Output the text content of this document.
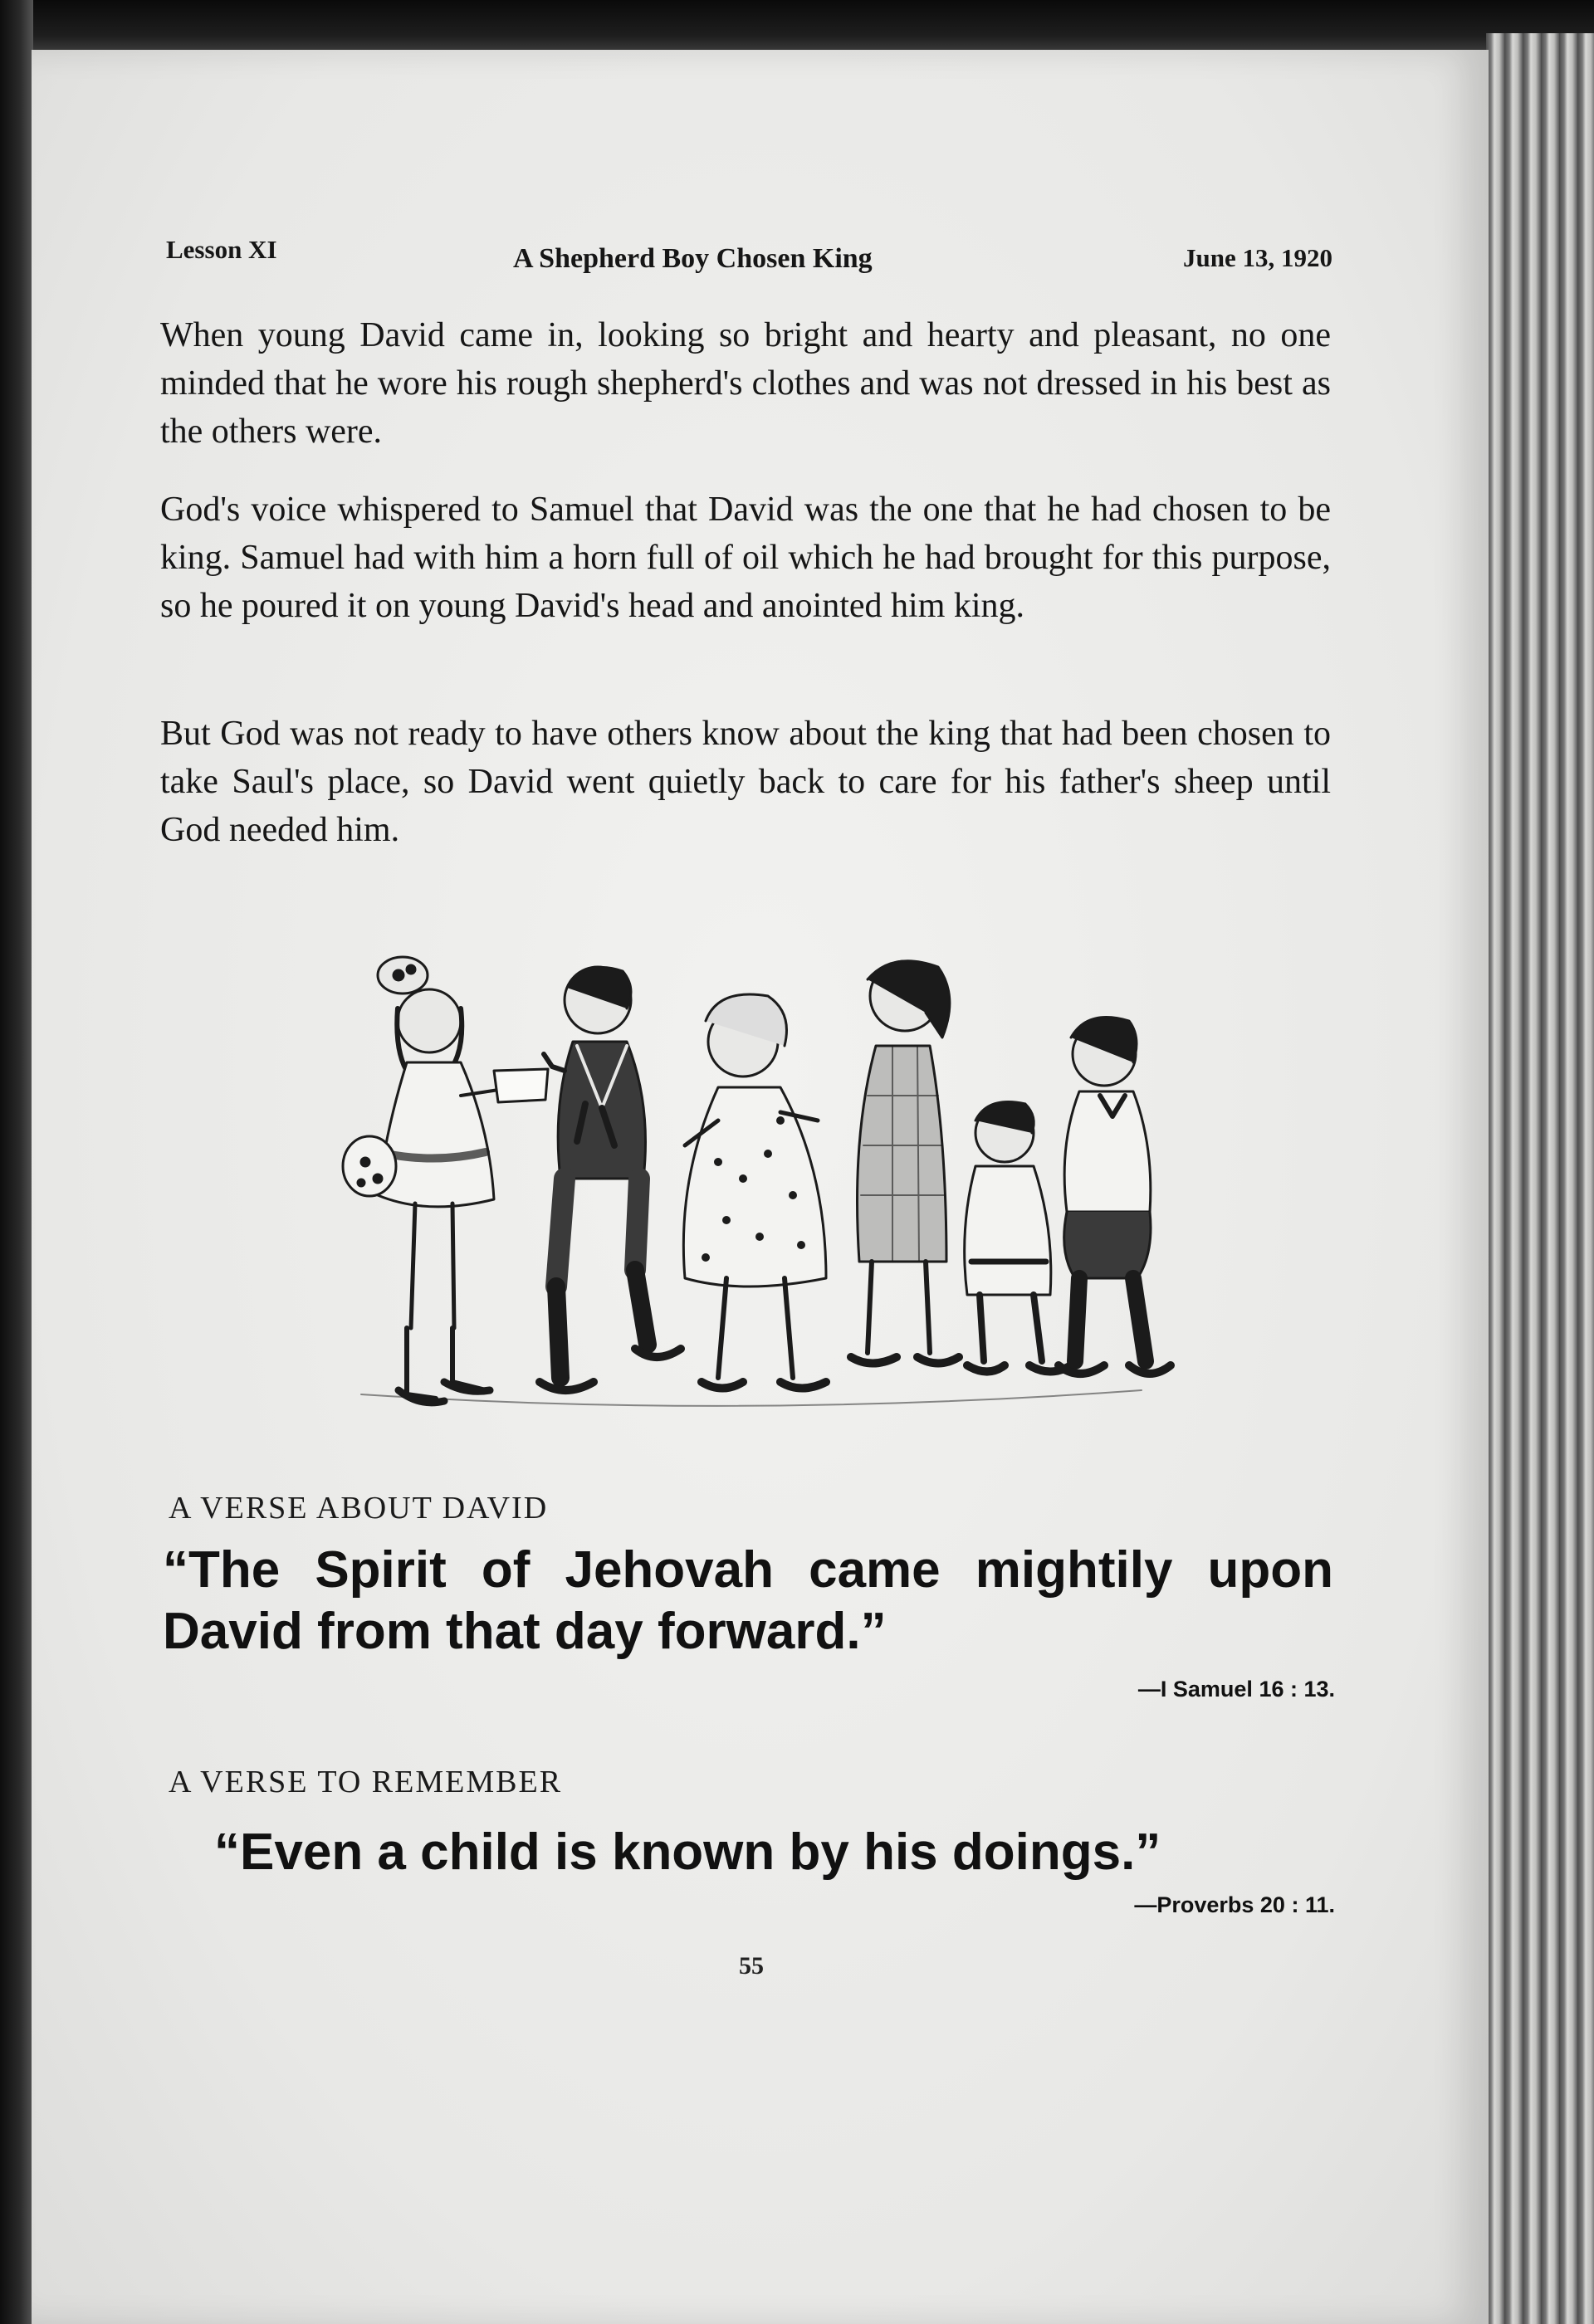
Lesson XI	A Shepherd Boy Chosen King	June 13, 1920

When young David came in, looking so bright and hearty and pleasant, no one minded that he wore his rough shepherd's clothes and was not dressed in his best as the others were.

God's voice whispered to Samuel that David was the one that he had chosen to be king. Samuel had with him a horn full of oil which he had brought for this purpose, so he poured it on young David's head and anointed him king.

But God was not ready to have others know about the king that had been chosen to take Saul's place, so David went quietly back to care for his father's sheep until God needed him.

A VERSE ABOUT DAVID

“The Spirit of Jehovah came mightily upon David from that day forward.”

—I Samuel 16 : 13.
A VERSE TO REMEMBER

“Even a child is known by his doings.”

—Proverbs 20 : 11.
55
